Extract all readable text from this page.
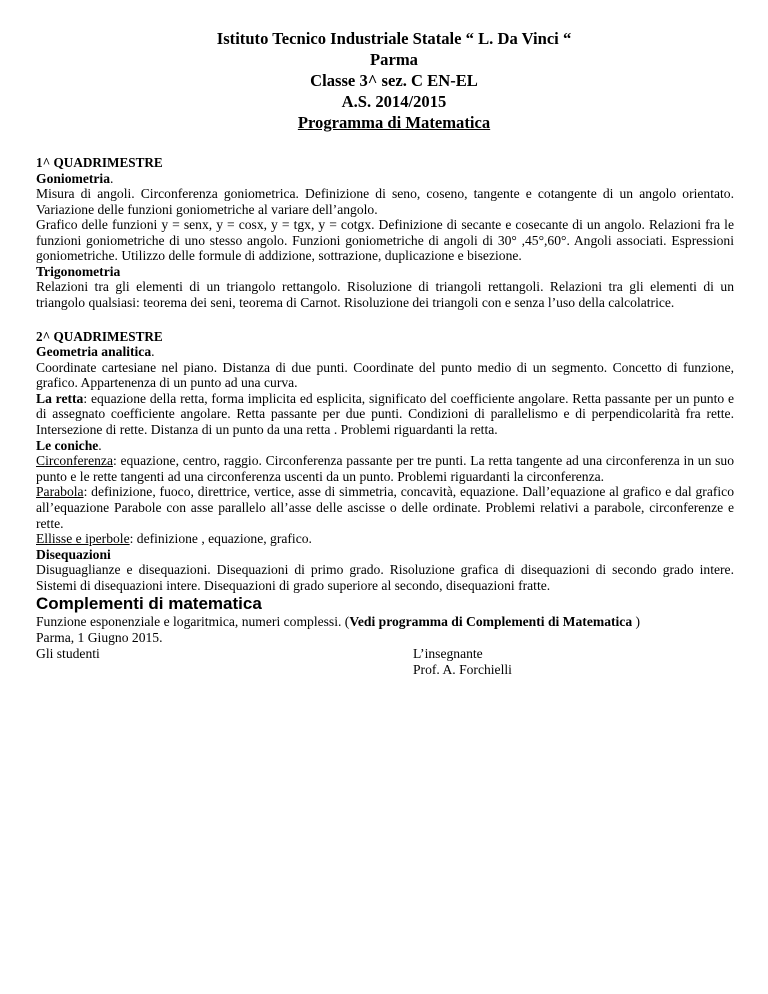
Istituto Tecnico Industriale Statale “ L. Da Vinci “
Parma
Classe 3^ sez. C EN-EL
A.S. 2014/2015
Programma di Matematica
1^ QUADRIMESTRE
Goniometria.

Misura di angoli. Circonferenza goniometrica. Definizione di seno, coseno, tangente e cotangente di un angolo orientato. Variazione delle funzioni goniometriche al variare dell’angolo.

Grafico delle funzioni y = senx, y = cosx, y = tgx, y = cotgx. Definizione di secante e cosecante di un angolo. Relazioni fra le funzioni goniometriche di uno stesso angolo. Funzioni goniometriche di angoli di 30° ,45°,60°. Angoli associati. Espressioni goniometriche. Utilizzo delle formule di addizione, sottrazione, duplicazione e bisezione.

Trigonometria

Relazioni tra gli elementi di un triangolo rettangolo. Risoluzione di triangoli rettangoli. Relazioni tra gli elementi di un triangolo qualsiasi: teorema dei seni, teorema di Carnot. Risoluzione dei triangoli con e senza l’uso della calcolatrice.

2^ QUADRIMESTRE
Geometria analitica.

Coordinate cartesiane nel piano. Distanza di due punti. Coordinate del punto medio di un segmento. Concetto di funzione, grafico. Appartenenza di un punto ad una curva.

La retta: equazione della retta, forma implicita ed esplicita, significato del coefficiente angolare. Retta passante per un punto e di assegnato coefficiente angolare. Retta passante per due punti. Condizioni di parallelismo e di perpendicolarità fra rette. Intersezione di rette. Distanza di un punto da una retta . Problemi riguardanti la retta.

Le coniche.

Circonferenza: equazione, centro, raggio. Circonferenza passante per tre punti. La retta tangente ad una circonferenza in un suo punto e le rette tangenti ad una circonferenza uscenti da un punto. Problemi riguardanti la circonferenza.

Parabola: definizione, fuoco, direttrice, vertice, asse di simmetria, concavità, equazione. Dall’equazione al grafico e dal grafico all’equazione Parabole con asse parallelo all’asse delle ascisse o delle ordinate. Problemi relativi a parabole, circonferenze e rette.

Ellisse e iperbole: definizione , equazione, grafico.

Disequazioni

Disuguaglianze e disequazioni. Disequazioni di primo grado. Risoluzione grafica di disequazioni di secondo grado intere. Sistemi di disequazioni intere. Disequazioni di grado superiore al secondo, disequazioni fratte.

Complementi di matematica

Funzione esponenziale e logaritmica, numeri complessi. (Vedi programma di Complementi di Matematica )

Parma, 1 Giugno 2015.

Gli studenti	L’insegnante
Prof. A. Forchielli
